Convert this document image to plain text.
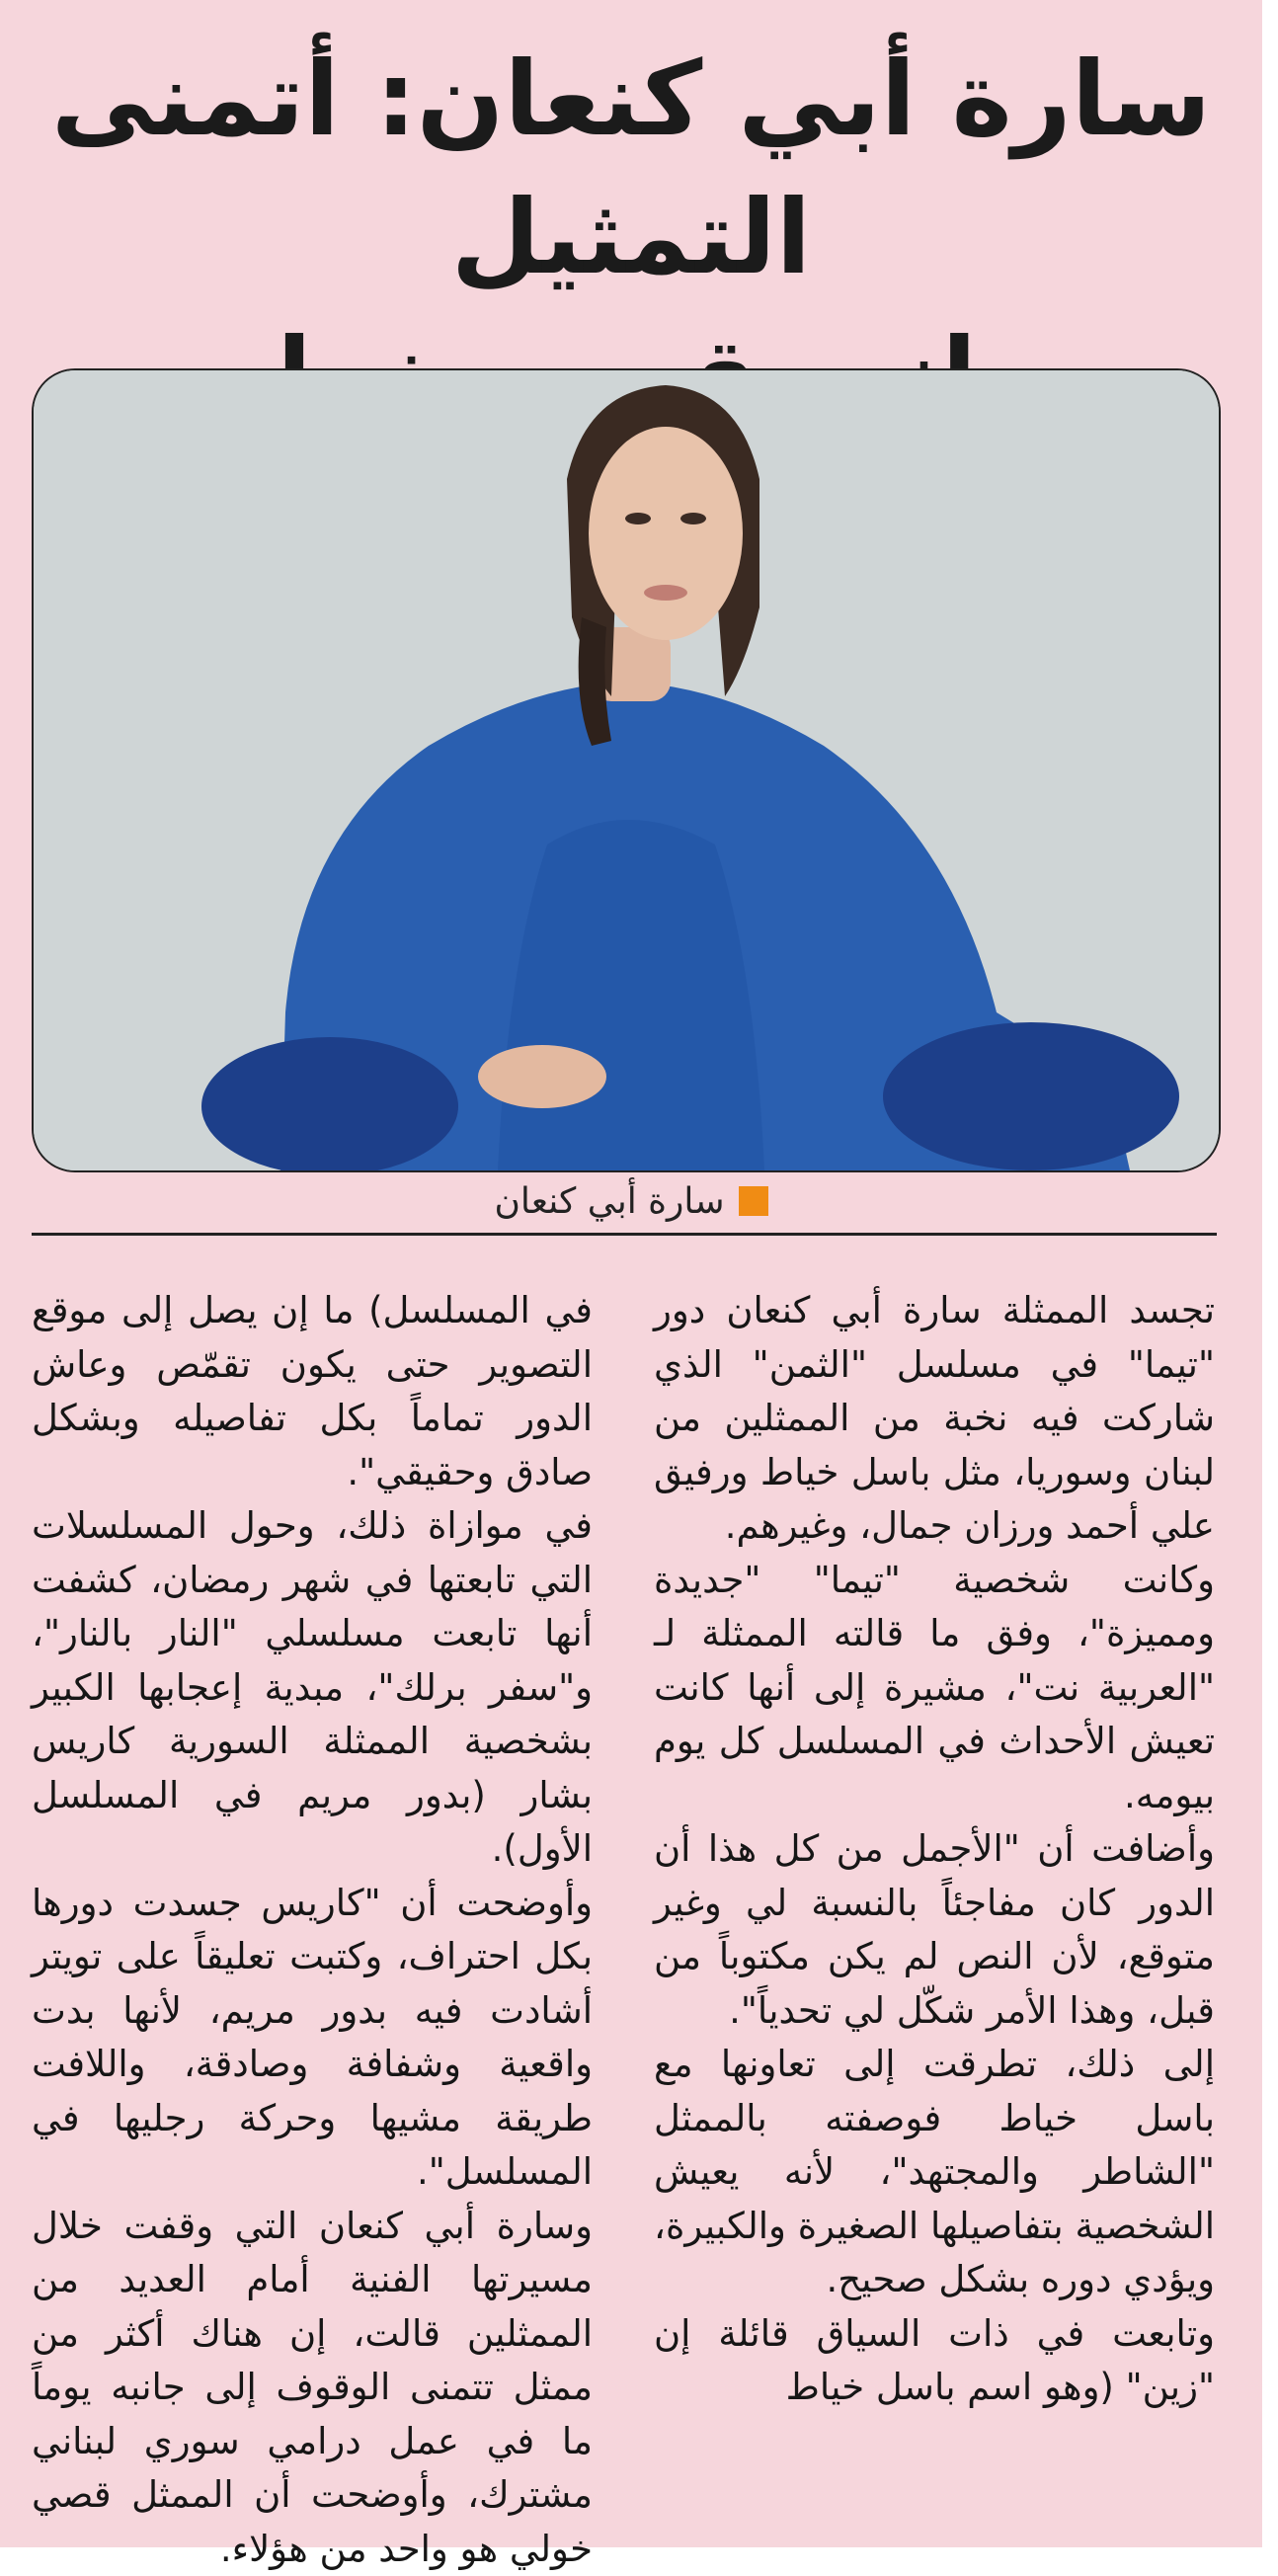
سارة أبي كنعان: أتمنى التمثيل
سارة أبي كنعان

تجسد الممثلة سارة أبي كنعان دور "تيما" في مسلسل "الثمن" الذي شاركت فيه نخبة من الممثلين من لبنان وسوريا، مثل باسل خياط ورفيق علي أحمد ورزان جمال، وغيرهم.

وكانت شخصية "تيما" "جديدة ومميزة"، وفق ما قالته الممثلة لـ "العربية نت"، مشيرة إلى أنها كانت تعيش الأحداث في المسلسل كل يوم بيومه.

وأضافت أن "الأجمل من كل هذا أن الدور كان مفاجئاً بالنسبة لي وغير متوقع، لأن النص لم يكن مكتوباً من قبل، وهذا الأمر شكّل لي تحدياً".

إلى ذلك، تطرقت إلى تعاونها مع باسل خياط فوصفته بالممثل "الشاطر والمجتهد"، لأنه يعيش الشخصية بتفاصيلها الصغيرة والكبيرة، ويؤدي دوره بشكل صحيح.

وتابعت في ذات السياق قائلة إن "زين" (وهو اسم باسل خياط

في المسلسل) ما إن يصل إلى موقع التصوير حتى يكون تقمّص وعاش الدور تماماً بكل تفاصيله وبشكل صادق وحقيقي".

في موازاة ذلك، وحول المسلسلات التي تابعتها في شهر رمضان، كشفت أنها تابعت مسلسلي "النار بالنار"، و"سفر برلك"، مبدية إعجابها الكبير بشخصية الممثلة السورية كاريس بشار (بدور مريم في المسلسل الأول).

وأوضحت أن "كاريس جسدت دورها بكل احتراف، وكتبت تعليقاً على تويتر أشادت فيه بدور مريم، لأنها بدت واقعية وشفافة وصادقة، واللافت طريقة مشيها وحركة رجليها في المسلسل".

وسارة أبي كنعان التي وقفت خلال مسيرتها الفنية أمام العديد من الممثلين قالت، إن هناك أكثر من ممثل تتمنى الوقوف إلى جانبه يوماً ما في عمل درامي سوري لبناني مشترك، وأوضحت أن الممثل قصي خولي هو واحد من هؤلاء.
